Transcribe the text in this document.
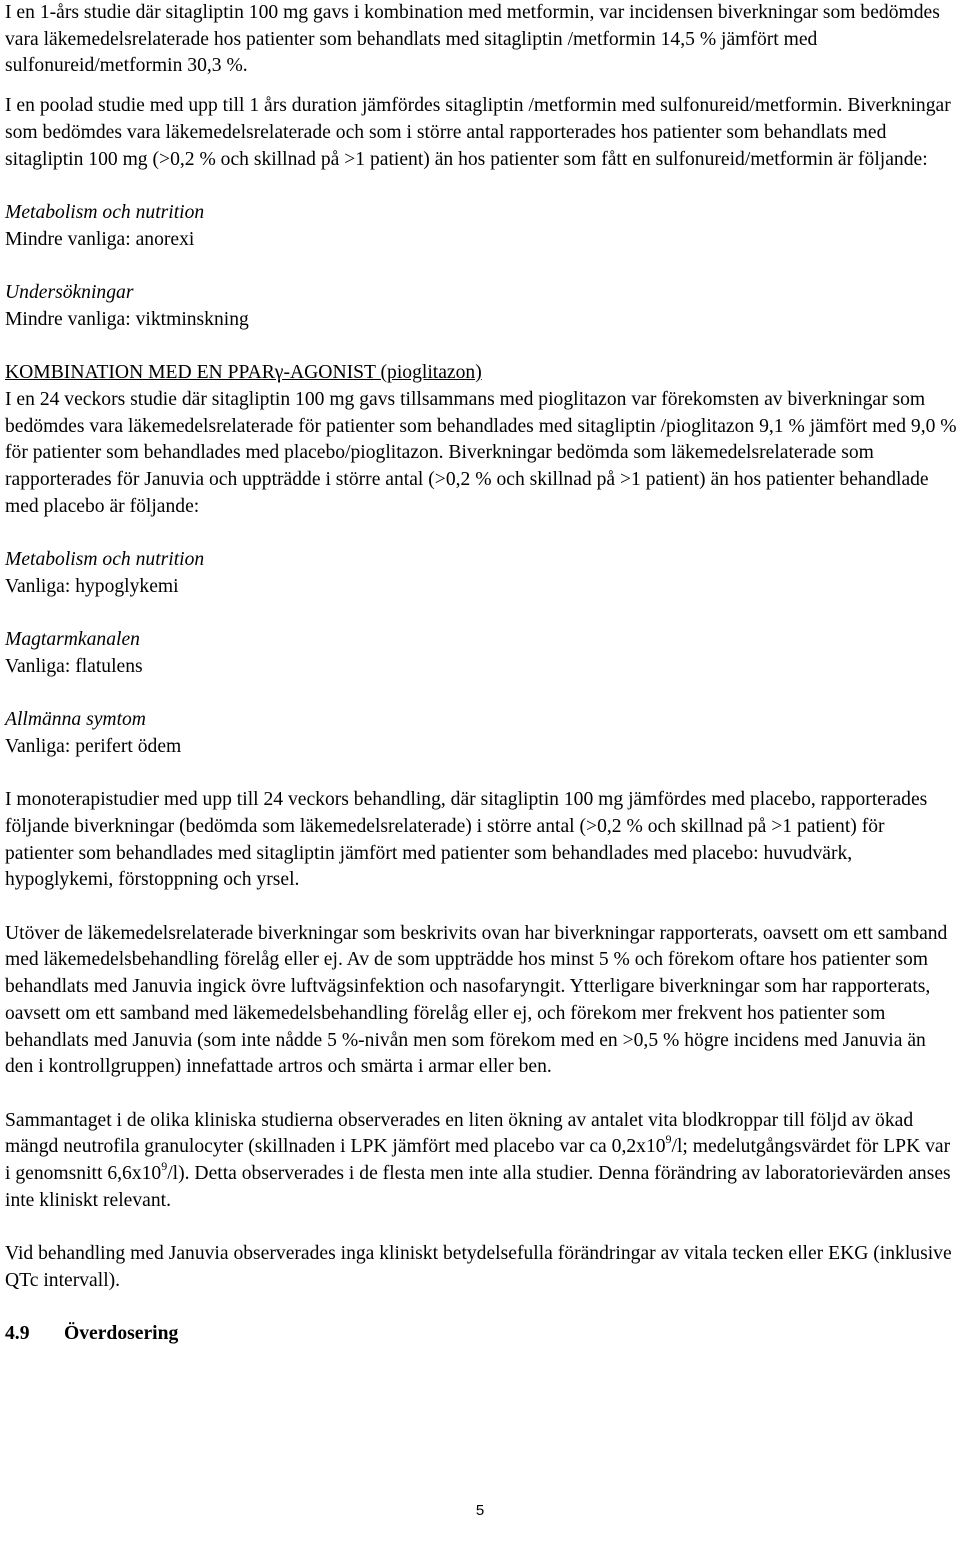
I en 1-års studie där sitagliptin 100 mg gavs i kombination med metformin, var incidensen biverkningar som bedömdes vara läkemedelsrelaterade hos patienter som behandlats med sitagliptin /metformin 14,5 % jämfört med sulfonureid/metformin 30,3 %.

I en poolad studie med upp till 1 års duration jämfördes sitagliptin /metformin med sulfonureid/metformin. Biverkningar som bedömdes vara läkemedelsrelaterade och som i större antal rapporterades hos patienter som behandlats med sitagliptin 100 mg (>0,2 % och skillnad på >1 patient) än hos patienter som fått en sulfonureid/metformin är följande:

Metabolism och nutrition

Mindre vanliga: anorexi

Undersökningar

Mindre vanliga: viktminskning

KOMBINATION MED EN PPARγ-AGONIST (pioglitazon)

I en 24 veckors studie där sitagliptin 100 mg gavs tillsammans med pioglitazon var förekomsten av biverkningar som bedömdes vara läkemedelsrelaterade för patienter som behandlades med sitagliptin /pioglitazon 9,1 % jämfört med 9,0 % för patienter som behandlades med placebo/pioglitazon. Biverkningar bedömda som läkemedelsrelaterade som rapporterades för Januvia och uppträdde i större antal (>0,2 % och skillnad på >1 patient) än hos patienter behandlade med placebo är följande:

Metabolism och nutrition

Vanliga: hypoglykemi

Magtarmkanalen

Vanliga: flatulens

Allmänna symtom

Vanliga: perifert ödem

I monoterapistudier med upp till 24 veckors behandling, där sitagliptin 100 mg jämfördes med placebo, rapporterades följande biverkningar (bedömda som läkemedelsrelaterade) i större antal (>0,2 % och skillnad på >1 patient) för patienter som behandlades med sitagliptin jämfört med patienter som behandlades med placebo: huvudvärk, hypoglykemi, förstoppning och yrsel.

Utöver de läkemedelsrelaterade biverkningar som beskrivits ovan har biverkningar rapporterats, oavsett om ett samband med läkemedelsbehandling förelåg eller ej. Av de som uppträdde hos minst 5 % och förekom oftare hos patienter som behandlats med Januvia ingick övre luftvägsinfektion och nasofaryngit. Ytterligare biverkningar som har rapporterats, oavsett om ett samband med läkemedelsbehandling förelåg eller ej, och förekom mer frekvent hos patienter som behandlats med Januvia (som inte nådde 5 %-nivån men som förekom med en >0,5 % högre incidens med Januvia än den i kontrollgruppen) innefattade artros och smärta i armar eller ben.

Sammantaget i de olika kliniska studierna observerades en liten ökning av antalet vita blodkroppar till följd av ökad mängd neutrofila granulocyter (skillnaden i LPK jämfört med placebo var ca $0,2x10^9/l$; medelutgångsvärdet för LPK var i genomsnitt $6,6x10^9/l$). Detta observerades i de flesta men inte alla studier. Denna förändring av laboratorievärden anses inte kliniskt relevant.

Vid behandling med Januvia observerades inga kliniskt betydelsefulla förändringar av vitala tecken eller EKG (inklusive QTc intervall).

4.9 Överdosering

5
